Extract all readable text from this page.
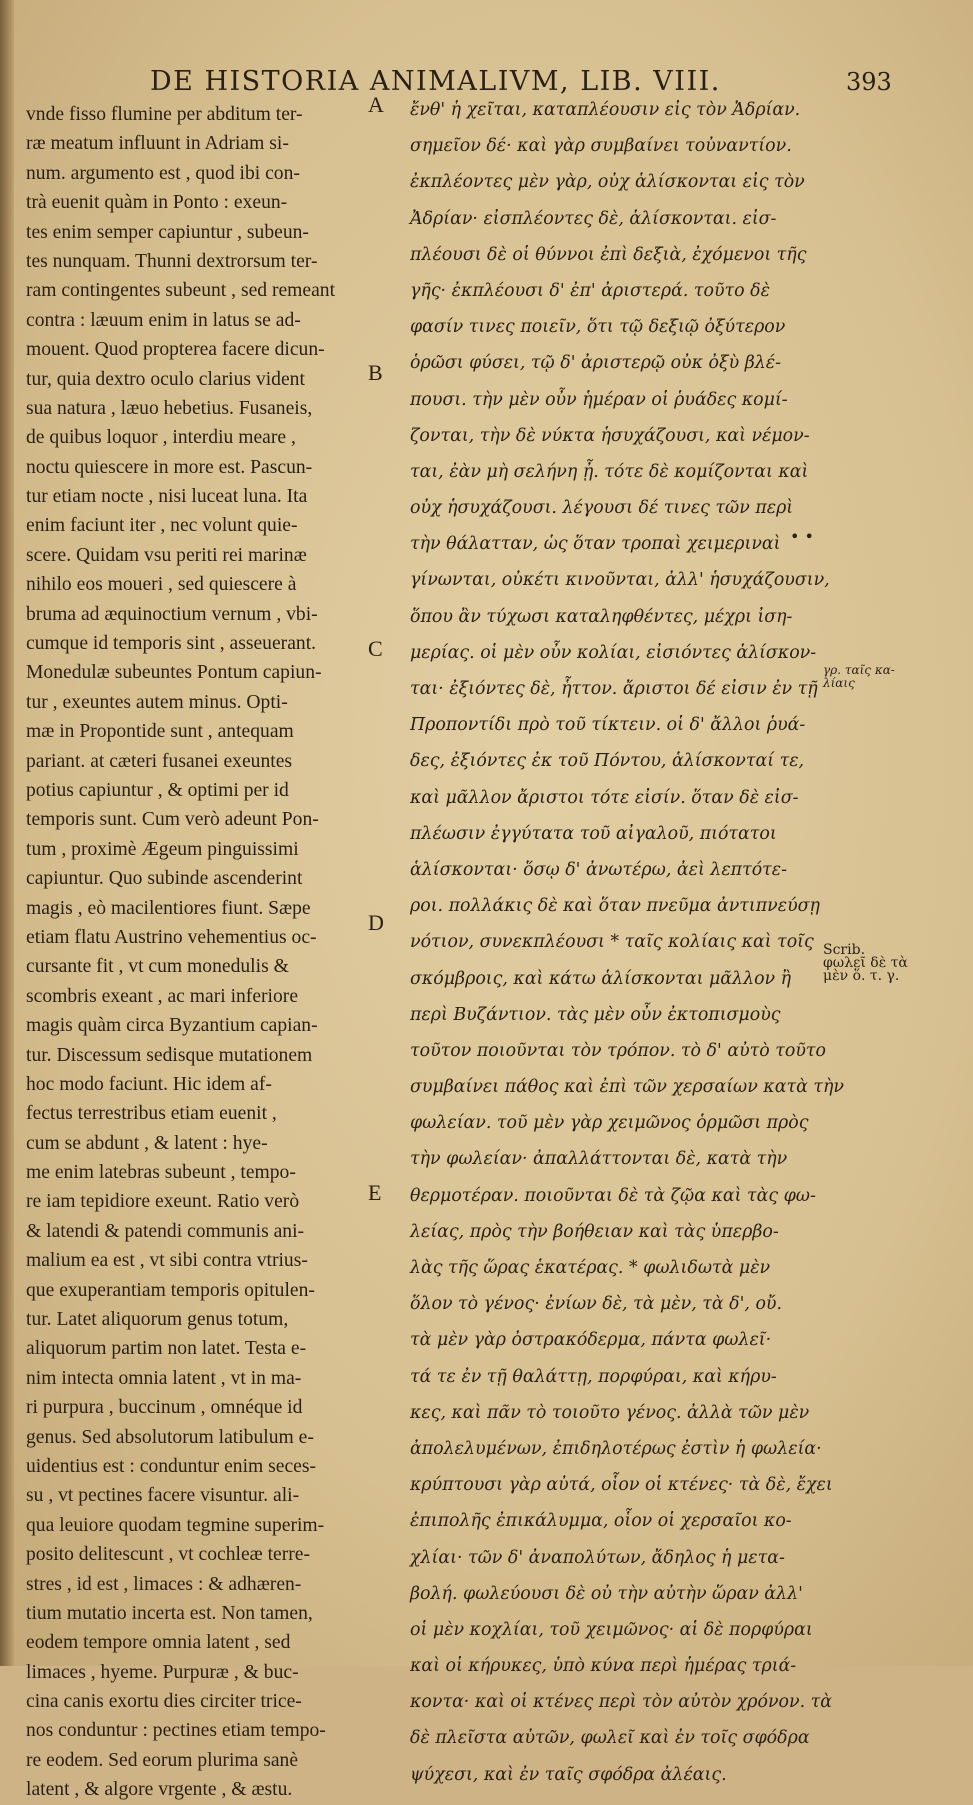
DE HISTORIA ANIMALIVM, LIB. VIII.	393
vnde fisso flumine per abditum ter-
ræ meatum influunt in Adriam si-
num. argumento est , quod ibi con-
trà euenit quàm in Ponto : exeun-
tes enim semper capiuntur , subeun-
tes nunquam. Thunni dextrorsum ter-
ram contingentes subeunt , sed remeant
contra : læuum enim in latus se ad-
mouent. Quod propterea facere dicun-
tur, quia dextro oculo clarius vident
sua natura , læuo hebetius. Fusaneis,
de quibus loquor , interdiu meare ,
noctu quiescere in more est. Pascun-
tur etiam nocte , nisi luceat luna. Ita
enim faciunt iter , nec volunt quie-
scere. Quidam vsu periti rei marinæ
nihilo eos moueri , sed quiescere à
bruma ad æquinoctium vernum , vbi-
cumque id temporis sint , asseuerant.
Monedulæ subeuntes Pontum capiun-
tur , exeuntes autem minus. Opti-
mæ in Propontide sunt , antequam
pariant. at cæteri fusanei exeuntes
potius capiuntur , & optimi per id
temporis sunt. Cum verò adeunt Pon-
tum , proximè Ægeum pinguissimi
capiuntur. Quo subinde ascenderint
magis , eò macilentiores fiunt. Sæpe
etiam flatu Austrino vehementius oc-
cursante fit , vt cum monedulis &
scombris exeant , ac mari inferiore
magis quàm circa Byzantium capian-
tur. Discessum sedisque mutationem
hoc modo faciunt. Hic idem af-
fectus terrestribus etiam euenit ,
cum se abdunt , & latent : hye-
me enim latebras subeunt , tempo-
re iam tepidiore exeunt. Ratio verò
& latendi & patendi communis ani-
malium ea est , vt sibi contra vtrius-
que exuperantiam temporis opitulen-
tur. Latet aliquorum genus totum,
aliquorum partim non latet. Testa e-
nim intecta omnia latent , vt in ma-
ri purpura , buccinum , omnéque id
genus. Sed absolutorum latibulum e-
uidentius est : conduntur enim seces-
su , vt pectines facere visuntur. ali-
qua leuiore quodam tegmine superim-
posito delitescunt , vt cochleæ terre-
stres , id est , limaces : & adhæren-
tium mutatio incerta est. Non tamen,
eodem tempore omnia latent , sed
limaces , hyeme. Purpuræ , & buc-
cina canis exortu dies circiter trice-
nos conduntur : pectines etiam tempo-
re eodem. Sed eorum plurima sanè
latent , & algore vrgente , & æstu.
A
B
C
D
E
ἔνθ' ἡ χεῖται, καταπλέουσιν εἰς τὸν Ἀδρίαν.
σημεῖον δέ· καὶ γὰρ συμβαίνει τοὐναντίον.
ἐκπλέοντες μὲν γὰρ, οὐχ ἁλίσκονται εἰς τὸν
Ἀδρίαν· εἰσπλέοντες δὲ, ἁλίσκονται. εἰσ-
πλέουσι δὲ οἱ θύννοι ἐπὶ δεξιὰ, ἐχόμενοι τῆς
γῆς· ἐκπλέουσι δ' ἐπ' ἀριστερά. τοῦτο δὲ
φασίν τινες ποιεῖν, ὅτι τῷ δεξιῷ ὀξύτερον
ὁρῶσι φύσει, τῷ δ' ἀριστερῷ οὐκ ὀξὺ βλέ-
πουσι. τὴν μὲν οὖν ἡμέραν οἱ ῥυάδες κομί-
ζονται, τὴν δὲ νύκτα ἡσυχάζουσι, καὶ νέμον-
ται, ἐὰν μὴ σελήνη ᾖ. τότε δὲ κομίζονται καὶ
οὐχ ἡσυχάζουσι. λέγουσι δέ τινες τῶν περὶ
τὴν θάλατταν, ὡς ὅταν τροπαὶ χειμεριναὶ
γίνωνται, οὐκέτι κινοῦνται, ἀλλ' ἡσυχάζουσιν,
ὅπου ἂν τύχωσι καταληφθέντες, μέχρι ἰση-
μερίας. οἱ μὲν οὖν κολίαι, εἰσιόντες ἁλίσκον-
ται· ἐξιόντες δὲ, ἧττον. ἄριστοι δέ εἰσιν ἐν τῇ
Προποντίδι πρὸ τοῦ τίκτειν. οἱ δ' ἄλλοι ῥυά-
δες, ἐξιόντες ἐκ τοῦ Πόντου, ἁλίσκονταί τε,
καὶ μᾶλλον ἄριστοι τότε εἰσίν. ὅταν δὲ εἰσ-
πλέωσιν ἐγγύτατα τοῦ αἰγαλοῦ, πιότατοι
ἁλίσκονται· ὅσῳ δ' ἀνωτέρω, ἀεὶ λεπτότε-
ροι. πολλάκις δὲ καὶ ὅταν πνεῦμα ἀντιπνεύσῃ
νότιον, συνεκπλέουσι * ταῖς κολίαις καὶ τοῖς
σκόμβροις, καὶ κάτω ἁλίσκονται μᾶλλον ἢ
περὶ Βυζάντιον. τὰς μὲν οὖν ἐκτοπισμοὺς
τοῦτον ποιοῦνται τὸν τρόπον. τὸ δ' αὐτὸ τοῦτο
συμβαίνει πάθος καὶ ἐπὶ τῶν χερσαίων κατὰ τὴν
φωλείαν. τοῦ μὲν γὰρ χειμῶνος ὁρμῶσι πρὸς
τὴν φωλείαν· ἀπαλλάττονται δὲ, κατὰ τὴν
θερμοτέραν. ποιοῦνται δὲ τὰ ζῷα καὶ τὰς φω-
λείας, πρὸς τὴν βοήθειαν καὶ τὰς ὑπερβο-
λὰς τῆς ὥρας ἑκατέρας. * φωλιδωτὰ μὲν
ὅλον τὸ γένος· ἐνίων δὲ, τὰ μὲν, τὰ δ', οὔ.
τὰ μὲν γὰρ ὀστρακόδερμα, πάντα φωλεῖ·
τά τε ἐν τῇ θαλάττῃ, πορφύραι, καὶ κήρυ-
κες, καὶ πᾶν τὸ τοιοῦτο γένος. ἀλλὰ τῶν μὲν
ἀπολελυμένων, ἐπιδηλοτέρως ἐστὶν ἡ φωλεία·
κρύπτουσι γὰρ αὐτά, οἷον οἱ κτένες· τὰ δὲ, ἔχει
ἐπιπολῆς ἐπικάλυμμα, οἷον οἱ χερσαῖοι κο-
χλίαι· τῶν δ' ἀναπολύτων, ἄδηλος ἡ μετα-
βολή. φωλεύουσι δὲ οὐ τὴν αὐτὴν ὥραν ἀλλ'
οἱ μὲν κοχλίαι, τοῦ χειμῶνος· αἱ δὲ πορφύραι
καὶ οἱ κήρυκες, ὑπὸ κύνα περὶ ἡμέρας τριά-
κοντα· καὶ οἱ κτένες περὶ τὸν αὐτὸν χρόνον. τὰ
δὲ πλεῖστα αὐτῶν, φωλεῖ καὶ ἐν τοῖς σφόδρα
ψύχεσι, καὶ ἐν ταῖς σφόδρα ἀλέαις.
• •
γρ. ταῖς κα-
λίαις
Scrib.
φωλεῖ δὲ τὰ
μὲν ὅ. τ. γ.
